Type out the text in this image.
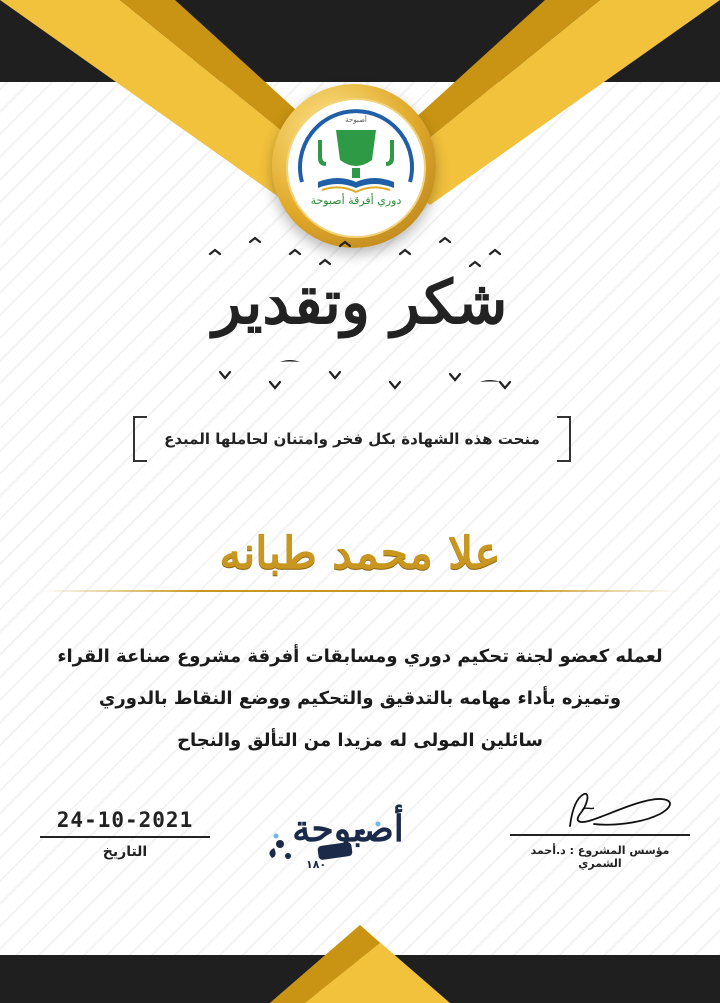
أصبوحة
دوري أفرقة أصبوحة
شكر وتقدير
منحت هذه الشهادة بكل فخر وامتنان لحاملها المبدع
علا محمد طبانه
لعمله كعضو لجنة تحكيم دوري ومسابقات أفرقة مشروع صناعة القراء
وتميزه بأداء مهامه بالتدقيق والتحكيم ووضع النقاط بالدوري
سائلين المولى له مزيدا من التألق والنجاح
24-10-2021
التاريخ
أصبوحة
١٨٠
مؤسس المشروع : د.أحمد الشمري
